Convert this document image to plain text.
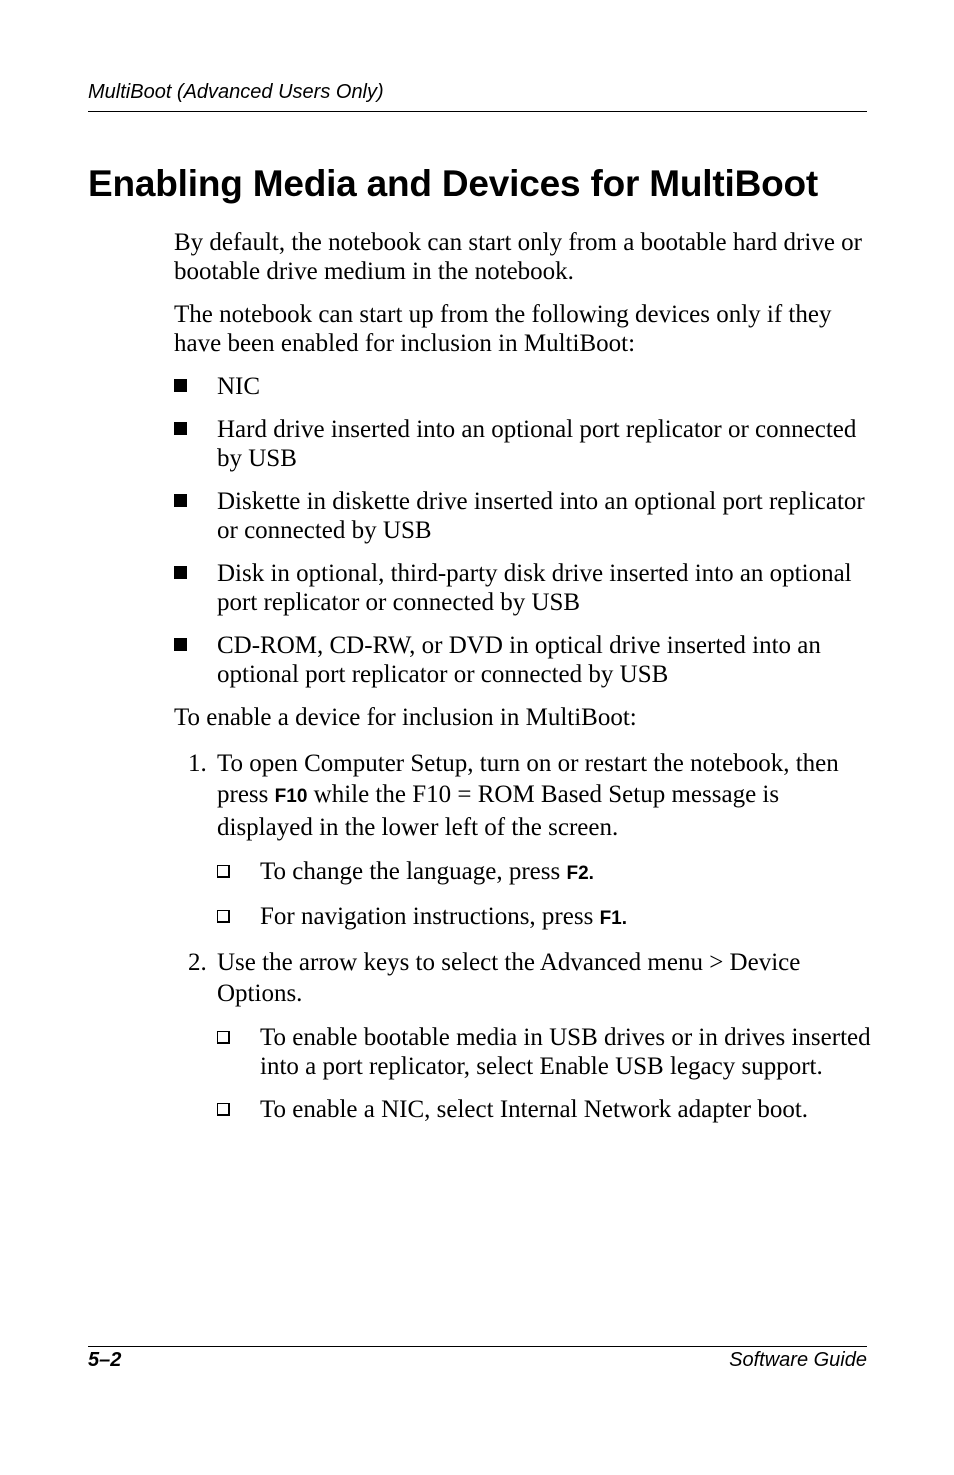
MultiBoot (Advanced Users Only)
Enabling Media and Devices for MultiBoot

By default, the notebook can start only from a bootable hard drive or bootable drive medium in the notebook.

The notebook can start up from the following devices only if they have been enabled for inclusion in MultiBoot:

NIC
Hard drive inserted into an optional port replicator or connected by USB
Diskette in diskette drive inserted into an optional port replicator or connected by USB
Disk in optional, third-party disk drive inserted into an optional port replicator or connected by USB
CD-ROM, CD-RW, or DVD in optical drive inserted into an optional port replicator or connected by USB

To enable a device for inclusion in MultiBoot:

1. To open Computer Setup, turn on or restart the notebook, then press F10 while the F10 = ROM Based Setup message is displayed in the lower left of the screen.
To change the language, press F2.
For navigation instructions, press F1.
2. Use the arrow keys to select the Advanced menu > Device Options.
To enable bootable media in USB drives or in drives inserted into a port replicator, select Enable USB legacy support.
To enable a NIC, select Internal Network adapter boot.
5–2	Software Guide
